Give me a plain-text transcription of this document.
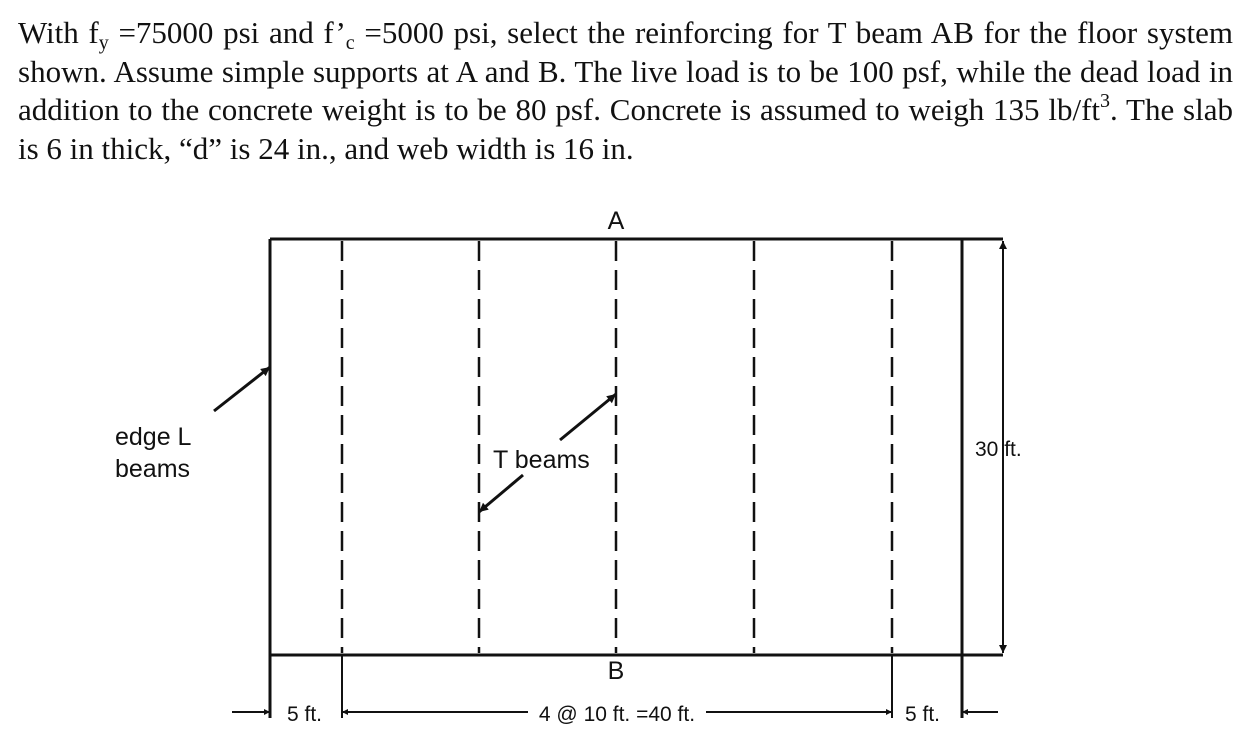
With $f_y =75000$ psi and $f’_c =5000$ psi, select the reinforcing for T beam AB for the floor system shown. Assume simple supports at A and B. The live load is to be 100 psf, while the dead load in addition to the concrete weight is to be 80 psf. Concrete is assumed to weigh 135 $lb/ft^3$. The slab is 6 in thick, “d” is 24 in., and web width is 16 in.

A
B
edge L
beams	T beams	30 ft.
5 ft.	4 @ 10 ft. =40 ft.	5 ft.
